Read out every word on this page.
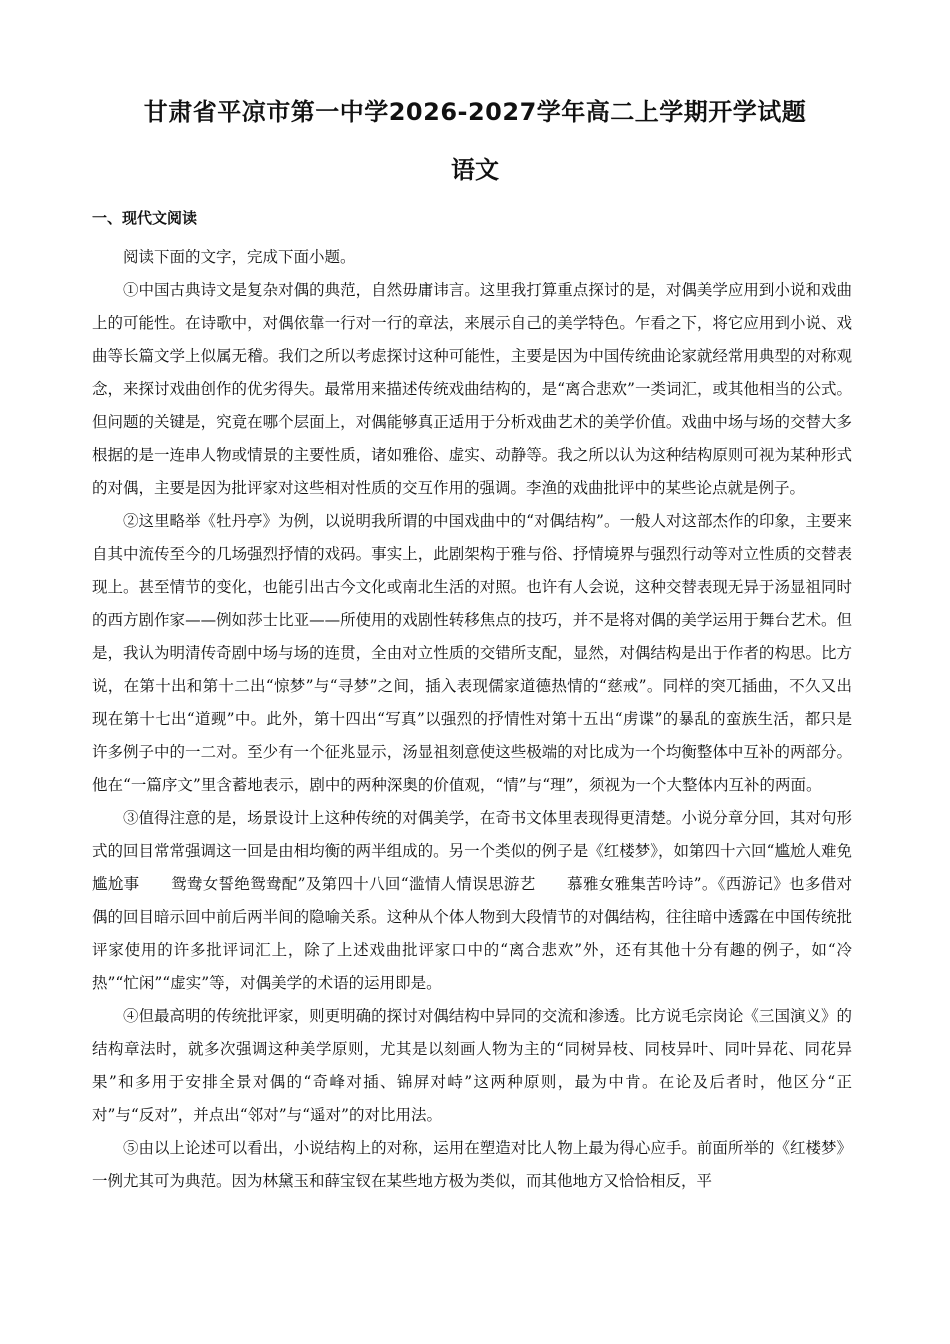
甘肃省平凉市第一中学2026-2027学年高二上学期开学试题
语文
一、现代文阅读

阅读下面的文字，完成下面小题。

①中国古典诗文是复杂对偶的典范，自然毋庸讳言。这里我打算重点探讨的是，对偶美学应用到小说和戏曲上的可能性。在诗歌中，对偶依靠一行对一行的章法，来展示自己的美学特色。乍看之下，将它应用到小说、戏曲等长篇文学上似属无稽。我们之所以考虑探讨这种可能性，主要是因为中国传统曲论家就经常用典型的对称观念，来探讨戏曲创作的优劣得失。最常用来描述传统戏曲结构的，是“离合悲欢”一类词汇，或其他相当的公式。但问题的关键是，究竟在哪个层面上，对偶能够真正适用于分析戏曲艺术的美学价值。戏曲中场与场的交替大多根据的是一连串人物或情景的主要性质，诸如雅俗、虚实、动静等。我之所以认为这种结构原则可视为某种形式的对偶，主要是因为批评家对这些相对性质的交互作用的强调。李渔的戏曲批评中的某些论点就是例子。

②这里略举《牡丹亭》为例，以说明我所谓的中国戏曲中的“对偶结构”。一般人对这部杰作的印象，主要来自其中流传至今的几场强烈抒情的戏码。事实上，此剧架构于雅与俗、抒情境界与强烈行动等对立性质的交替表现上。甚至情节的变化，也能引出古今文化或南北生活的对照。也许有人会说，这种交替表现无异于汤显祖同时的西方剧作家——例如莎士比亚——所使用的戏剧性转移焦点的技巧，并不是将对偶的美学运用于舞台艺术。但是，我认为明清传奇剧中场与场的连贯，全由对立性质的交错所支配，显然，对偶结构是出于作者的构思。比方说，在第十出和第十二出“惊梦”与“寻梦”之间，插入表现儒家道德热情的“慈戒”。同样的突兀插曲，不久又出现在第十七出“道觋”中。此外，第十四出“写真”以强烈的抒情性对第十五出“虏谍”的暴乱的蛮族生活，都只是许多例子中的一二对。至少有一个征兆显示，汤显祖刻意使这些极端的对比成为一个均衡整体中互补的两部分。他在“一篇序文”里含蓄地表示，剧中的两种深奥的价值观，“情”与“理”，须视为一个大整体内互补的两面。

③值得注意的是，场景设计上这种传统的对偶美学，在奇书文体里表现得更清楚。小说分章分回，其对句形式的回目常常强调这一回是由相均衡的两半组成的。另一个类似的例子是《红楼梦》，如第四十六回“尴尬人难免尴尬事　　鸳鸯女誓绝鸳鸯配”及第四十八回“滥情人情误思游艺　　慕雅女雅集苦吟诗”。《西游记》也多借对偶的回目暗示回中前后两半间的隐喻关系。这种从个体人物到大段情节的对偶结构，往往暗中透露在中国传统批评家使用的许多批评词汇上，除了上述戏曲批评家口中的“离合悲欢”外，还有其他十分有趣的例子，如“冷热”“忙闲”“虚实”等，对偶美学的术语的运用即是。

④但最高明的传统批评家，则更明确的探讨对偶结构中异同的交流和渗透。比方说毛宗岗论《三国演义》的结构章法时，就多次强调这种美学原则，尤其是以刻画人物为主的“同树异枝、同枝异叶、同叶异花、同花异果”和多用于安排全景对偶的“奇峰对插、锦屏对峙”这两种原则，最为中肯。在论及后者时，他区分“正对”与“反对”，并点出“邻对”与“遥对”的对比用法。

⑤由以上论述可以看出，小说结构上的对称，运用在塑造对比人物上最为得心应手。前面所举的《红楼梦》一例尤其可为典范。因为林黛玉和薛宝钗在某些地方极为类似，而其他地方又恰恰相反，平
